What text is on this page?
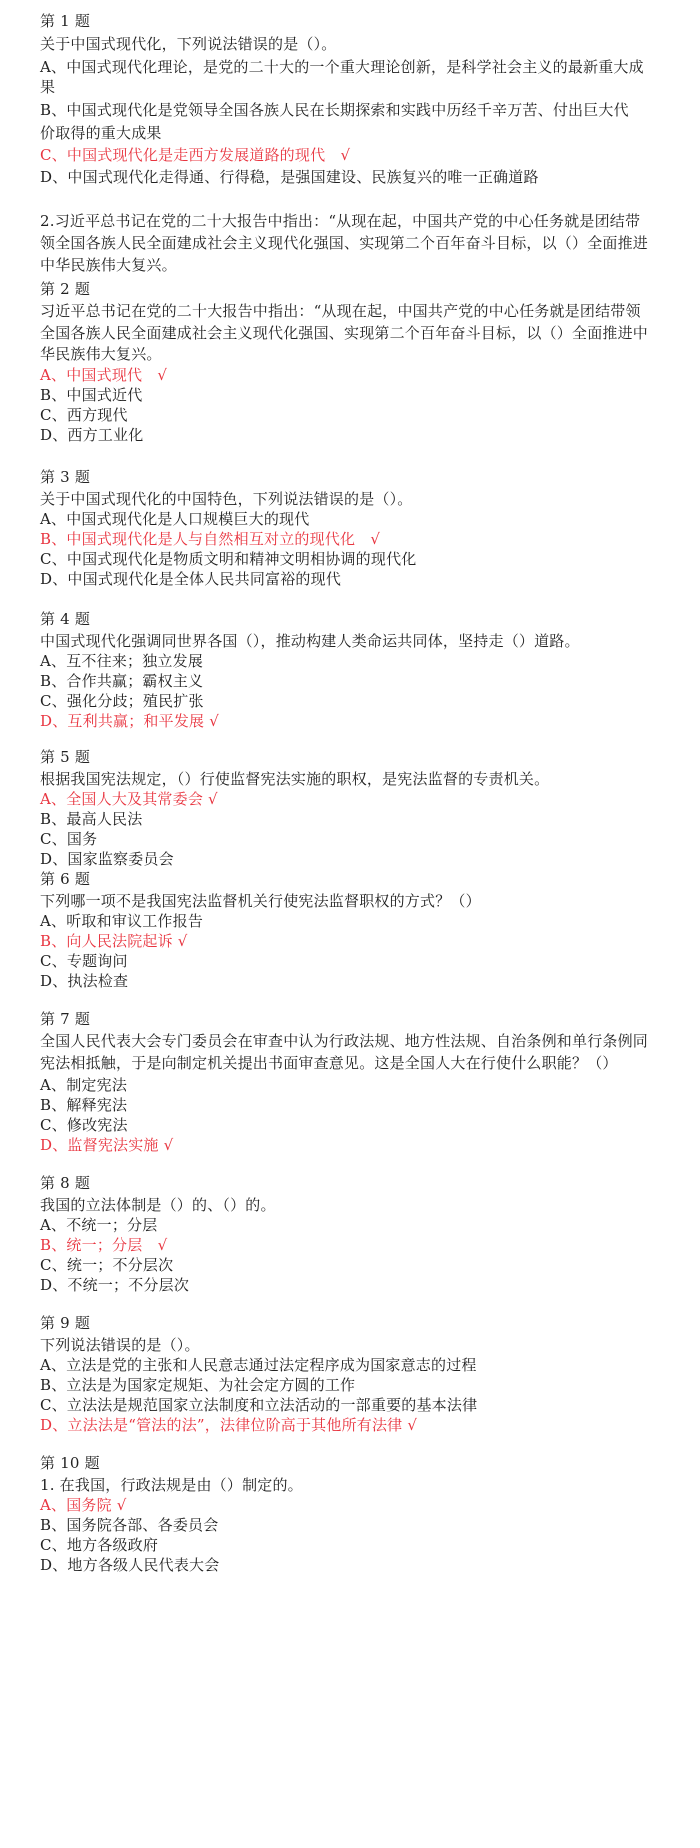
第 1 题
关于中国式现代化，下列说法错误的是（）。
A、中国式现代化理论，是党的二十大的一个重大理论创新，是科学社会主义的最新重大成
果
B、中国式现代化是党领导全国各族人民在长期探索和实践中历经千辛万苦、付出巨大代
价取得的重大成果
C、中国式现代化是走西方发展道路的现代　√
D、中国式现代化走得通、行得稳，是强国建设、民族复兴的唯一正确道路
2.习近平总书记在党的二十大报告中指出：“从现在起，中国共产党的中心任务就是团结带
领全国各族人民全面建成社会主义现代化强国、实现第二个百年奋斗目标，以（）全面推进
中华民族伟大复兴。
第 2 题
习近平总书记在党的二十大报告中指出：“从现在起，中国共产党的中心任务就是团结带领
全国各族人民全面建成社会主义现代化强国、实现第二个百年奋斗目标，以（）全面推进中
华民族伟大复兴。
A、中国式现代　√
B、中国式近代
C、西方现代
D、西方工业化
第 3 题
关于中国式现代化的中国特色，下列说法错误的是（）。
A、中国式现代化是人口规模巨大的现代
B、中国式现代化是人与自然相互对立的现代化　√
C、中国式现代化是物质文明和精神文明相协调的现代化
D、中国式现代化是全体人民共同富裕的现代
第 4 题
中国式现代化强调同世界各国（），推动构建人类命运共同体，坚持走（）道路。
A、互不往来；独立发展
B、合作共赢；霸权主义
C、强化分歧；殖民扩张
D、互利共赢；和平发展 √
第 5 题
根据我国宪法规定，（）行使监督宪法实施的职权，是宪法监督的专责机关。
A、全国人大及其常委会 √
B、最高人民法
C、国务
D、国家监察委员会
第 6 题
下列哪一项不是我国宪法监督机关行使宪法监督职权的方式？（）
A、听取和审议工作报告
B、向人民法院起诉 √
C、专题询问
D、执法检查
第 7 题
全国人民代表大会专门委员会在审查中认为行政法规、地方性法规、自治条例和单行条例同
宪法相抵触，于是向制定机关提出书面审查意见。这是全国人大在行使什么职能？（）
A、制定宪法
B、解释宪法
C、修改宪法
D、监督宪法实施 √
第 8 题
我国的立法体制是（）的、（）的。
A、不统一；分层
B、统一；分层　√
C、统一；不分层次
D、不统一；不分层次
第 9 题
下列说法错误的是（）。
A、立法是党的主张和人民意志通过法定程序成为国家意志的过程
B、立法是为国家定规矩、为社会定方圆的工作
C、立法法是规范国家立法制度和立法活动的一部重要的基本法律
D、立法法是“管法的法”，法律位阶高于其他所有法律 √
第 10 题
1. 在我国，行政法规是由（）制定的。
A、国务院 √
B、国务院各部、各委员会
C、地方各级政府
D、地方各级人民代表大会
